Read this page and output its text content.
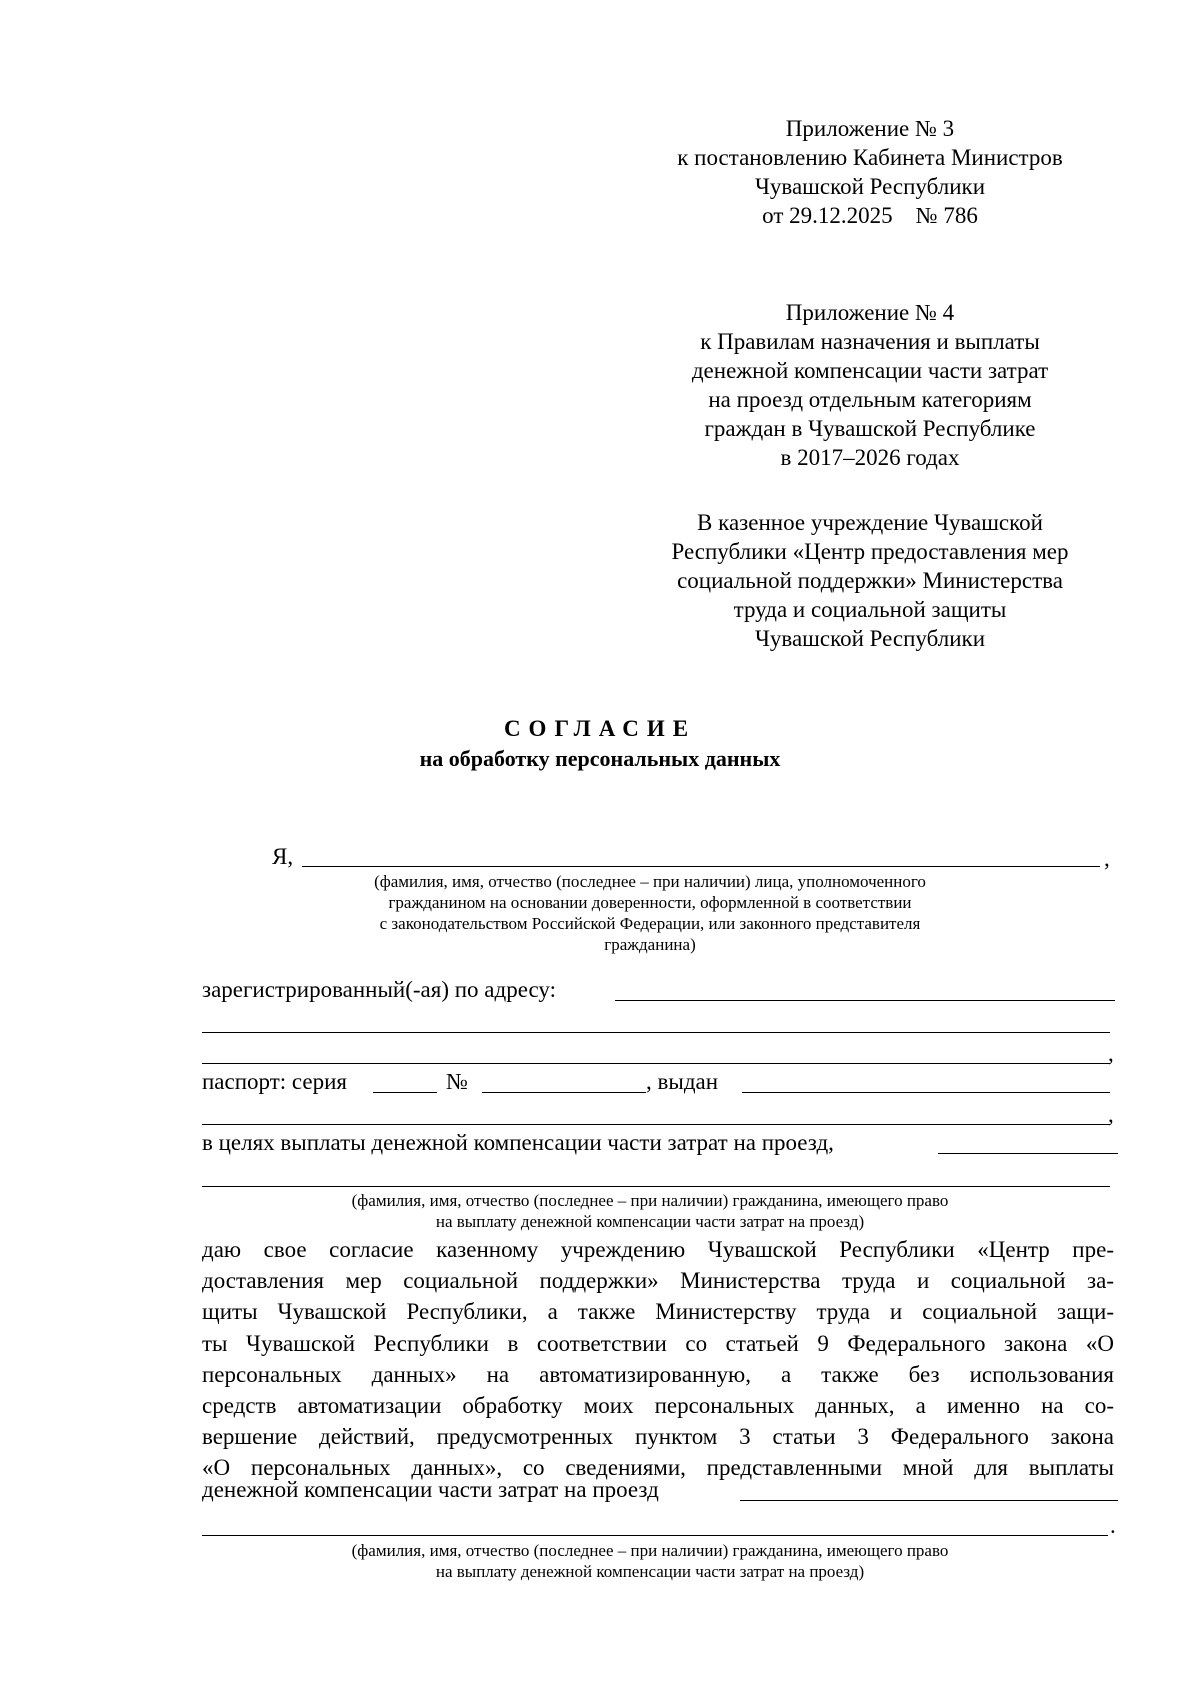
Приложение № 3
к постановлению Кабинета Министров
Чувашской Республики
от 29.12.2025    № 786
Приложение № 4
к Правилам назначения и выплаты
денежной компенсации части затрат
на проезд отдельным категориям
граждан в Чувашской Республике
в 2017–2026 годах
В казенное учреждение Чувашской
Республики «Центр предоставления мер
социальной поддержки» Министерства
труда и социальной защиты
Чувашской Республики
СОГЛАСИЕ
на обработку персональных данных
Я,	,
(фамилия, имя, отчество (последнее – при наличии) лица, уполномоченного
гражданином на основании доверенности, оформленной в соответствии
с законодательством Российской Федерации, или законного представителя
гражданина)
зарегистрированный(-ая) по адресу:
,
паспорт: серия	№	, выдан
,
в целях выплаты денежной компенсации части затрат на проезд,
(фамилия, имя, отчество (последнее – при наличии) гражданина, имеющего право
на выплату денежной компенсации части затрат на проезд)
даю свое согласие казенному учреждению Чувашской Республики «Центр пре-
доставления мер социальной поддержки» Министерства труда и социальной за-
щиты Чувашской Республики, а также Министерству труда и социальной защи-
ты Чувашской Республики в соответствии со статьей 9 Федерального закона «О
персональных данных» на автоматизированную, а также без использования
средств автоматизации обработку моих персональных данных, а именно на со-
вершение действий, предусмотренных пунктом 3 статьи 3 Федерального закона
«О персональных данных», со сведениями, представленными мной для выплаты
денежной компенсации части затрат на проезд
.
(фамилия, имя, отчество (последнее – при наличии) гражданина, имеющего право
на выплату денежной компенсации части затрат на проезд)
